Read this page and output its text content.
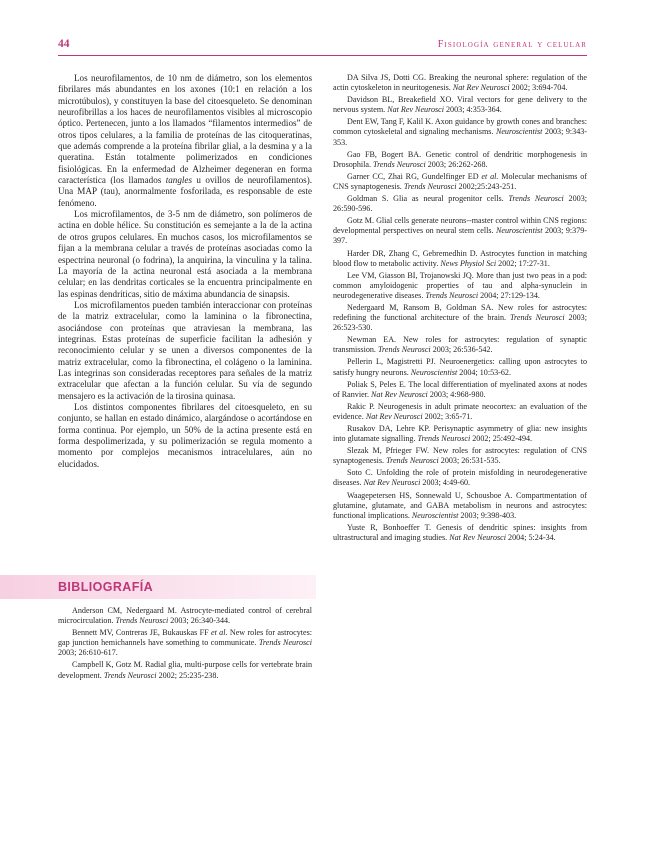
44	Fisiología general y celular

Los neurofilamentos, de 10 nm de diámetro, son los elementos fibrilares más abundantes en los axones (10:1 en relación a los microtúbulos), y constituyen la base del citoesqueleto. Se denominan neurofibrillas a los haces de neurofilamentos visibles al microscopio óptico. Pertenecen, junto a los llamados “filamentos intermedios” de otros tipos celulares, a la familia de proteínas de las citoqueratinas, que además comprende a la proteína fibrilar glial, a la desmina y a la queratina. Están totalmente polimerizados en condiciones fisiológicas. En la enfermedad de Alzheimer degeneran en forma característica (los llamados tangles u ovillos de neurofilamentos). Una MAP (tau), anormalmente fosforilada, es responsable de este fenómeno.

Los microfilamentos, de 3-5 nm de diámetro, son polímeros de actina en doble hélice. Su constitución es semejante a la de la actina de otros grupos celulares. En muchos casos, los microfilamentos se fijan a la membrana celular a través de proteínas asociadas como la espectrina neuronal (o fodrina), la anquirina, la vinculina y la talina. La mayoría de la actina neuronal está asociada a la membrana celular; en las dendritas corticales se la encuentra principalmente en las espinas dendríticas, sitio de máxima abundancia de sinapsis.

Los microfilamentos pueden también interaccionar con proteínas de la matriz extracelular, como la laminina o la fibronectina, asociándose con proteínas que atraviesan la membrana, las integrinas. Estas proteínas de superficie facilitan la adhesión y reconocimiento celular y se unen a diversos componentes de la matriz extracelular, como la fibronectina, el colágeno o la laminina. Las integrinas son consideradas receptores para señales de la matriz extracelular que afectan a la función celular. Su vía de segundo mensajero es la activación de la tirosina quinasa.

Los distintos componentes fibrilares del citoesqueleto, en su conjunto, se hallan en estado dinámico, alargándose o acortándose en forma continua. Por ejemplo, un 50% de la actina presente está en forma despolimerizada, y su polimerización se regula momento a momento por complejos mecanismos intracelulares, aún no elucidados.

BIBLIOGRAFÍA

Anderson CM, Nedergaard M. Astrocyte-mediated control of cerebral microcirculation. Trends Neurosci 2003; 26:340-344.

Bennett MV, Contreras JE, Bukauskas FF et al. New roles for astrocytes: gap junction hemichannels have something to communicate. Trends Neurosci 2003; 26:610-617.

Campbell K, Gotz M. Radial glia, multi-purpose cells for vertebrate brain development. Trends Neurosci 2002; 25:235-238.

DA Silva JS, Dotti CG. Breaking the neuronal sphere: regulation of the actin cytoskeleton in neuritogenesis. Nat Rev Neurosci 2002; 3:694-704.

Davidson BL, Breakefield XO. Viral vectors for gene delivery to the nervous system. Nat Rev Neurosci 2003; 4:353-364.

Dent EW, Tang F, Kalil K. Axon guidance by growth cones and branches: common cytoskeletal and signaling mechanisms. Neuroscientist 2003; 9:343-353.

Gao FB, Bogert BA. Genetic control of dendritic morphogenesis in Drosophila. Trends Neurosci 2003; 26:262-268.

Garner CC, Zhai RG, Gundelfinger ED et al. Molecular mechanisms of CNS synaptogenesis. Trends Neurosci 2002;25:243-251.

Goldman S. Glia as neural progenitor cells. Trends Neurosci 2003; 26:590-596.

Gotz M. Glial cells generate neurons--master control within CNS regions: developmental perspectives on neural stem cells. Neuroscientist 2003; 9:379-397.

Harder DR, Zhang C, Gebremedhin D. Astrocytes function in matching blood flow to metabolic activity. News Physiol Sci 2002; 17:27-31.

Lee VM, Giasson BI, Trojanowski JQ. More than just two peas in a pod: common amyloidogenic properties of tau and alpha-synuclein in neurodegenerative diseases. Trends Neurosci 2004; 27:129-134.

Nedergaard M, Ransom B, Goldman SA. New roles for astrocytes: redefining the functional architecture of the brain. Trends Neurosci 2003; 26:523-530.

Newman EA. New roles for astrocytes: regulation of synaptic transmission. Trends Neurosci 2003; 26:536-542.

Pellerin L, Magistretti PJ. Neuroenergetics: calling upon astrocytes to satisfy hungry neurons. Neuroscientist 2004; 10:53-62.

Poliak S, Peles E. The local differentiation of myelinated axons at nodes of Ranvier. Nat Rev Neurosci 2003; 4:968-980.

Rakic P. Neurogenesis in adult primate neocortex: an evaluation of the evidence. Nat Rev Neurosci 2002; 3:65-71.

Rusakov DA, Lehre KP. Perisynaptic asymmetry of glia: new insights into glutamate signalling. Trends Neurosci 2002; 25:492-494.

Slezak M, Pfrieger FW. New roles for astrocytes: regulation of CNS synaptogenesis. Trends Neurosci 2003; 26:531-535.

Soto C. Unfolding the role of protein misfolding in neurodegenerative diseases. Nat Rev Neurosci 2003; 4:49-60.

Waagepetersen HS, Sonnewald U, Schousboe A. Compartmentation of glutamine, glutamate, and GABA metabolism in neurons and astrocytes: functional implications. Neuroscientist 2003; 9:398-403.

Yuste R, Bonhoeffer T. Genesis of dendritic spines: insights from ultrastructural and imaging studies. Nat Rev Neurosci 2004; 5:24-34.
